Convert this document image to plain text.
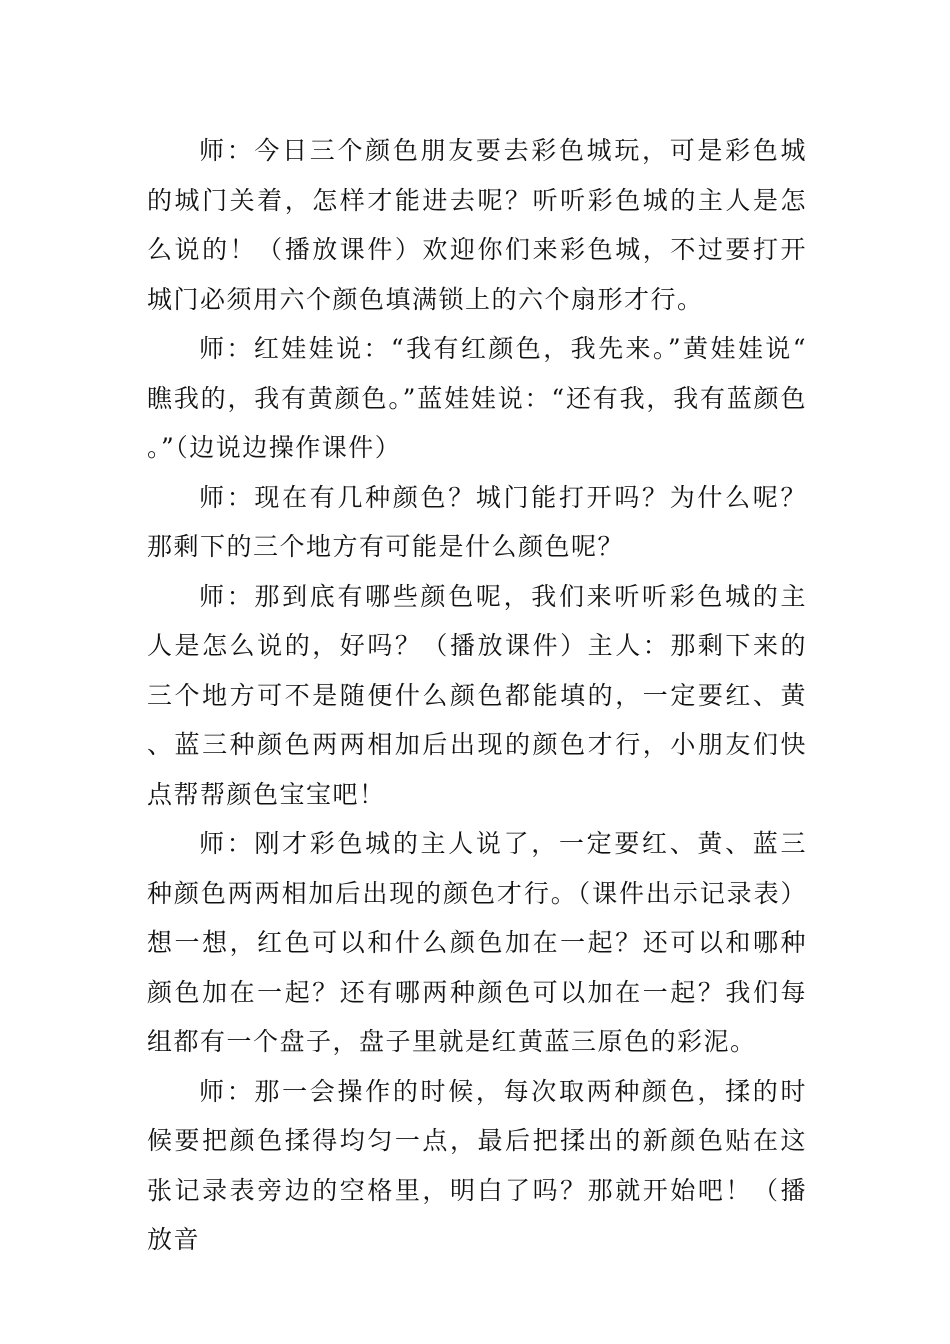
师：今日三个颜色朋友要去彩色城玩，可是彩色城的城门关着，怎样才能进去呢？听听彩色城的主人是怎么说的！（播放课件）欢迎你们来彩色城，不过要打开城门必须用六个颜色填满锁上的六个扇形才行。

师：红娃娃说：“我有红颜色，我先来。”黄娃娃说“瞧我的，我有黄颜色。”蓝娃娃说：“还有我，我有蓝颜色。”（边说边操作课件）

师：现在有几种颜色？城门能打开吗？为什么呢？那剩下的三个地方有可能是什么颜色呢？

师：那到底有哪些颜色呢，我们来听听彩色城的主人是怎么说的，好吗？（播放课件）主人：那剩下来的三个地方可不是随便什么颜色都能填的，一定要红、黄、蓝三种颜色两两相加后出现的颜色才行，小朋友们快点帮帮颜色宝宝吧！

师：刚才彩色城的主人说了，一定要红、黄、蓝三种颜色两两相加后出现的颜色才行。（课件出示记录表）想一想，红色可以和什么颜色加在一起？还可以和哪种颜色加在一起？还有哪两种颜色可以加在一起？我们每组都有一个盘子，盘子里就是红黄蓝三原色的彩泥。

师：那一会操作的时候，每次取两种颜色，揉的时候要把颜色揉得均匀一点，最后把揉出的新颜色贴在这张记录表旁边的空格里，明白了吗？那就开始吧！（播放音
